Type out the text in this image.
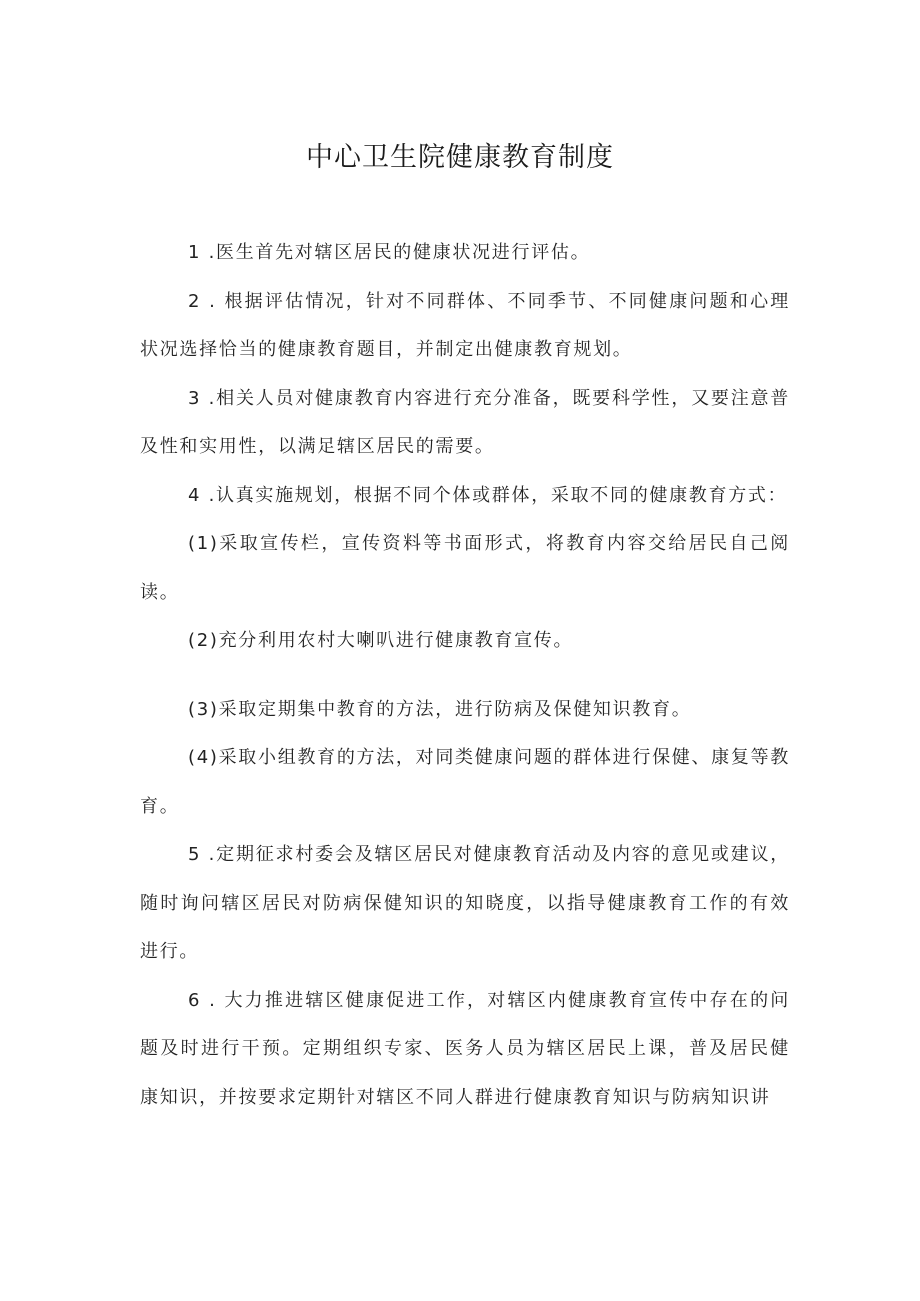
中心卫生院健康教育制度

1 .医生首先对辖区居民的健康状况进行评估。

2 . 根据评估情况，针对不同群体、不同季节、不同健康问题和心理状况选择恰当的健康教育题目，并制定出健康教育规划。

3 .相关人员对健康教育内容进行充分准备，既要科学性，又要注意普及性和实用性，以满足辖区居民的需要。

4 .认真实施规划，根据不同个体或群体，采取不同的健康教育方式：

(1)采取宣传栏，宣传资料等书面形式，将教育内容交给居民自己阅读。

(2)充分利用农村大喇叭进行健康教育宣传。

(3)采取定期集中教育的方法，进行防病及保健知识教育。

(4)采取小组教育的方法，对同类健康问题的群体进行保健、康复等教育。

5 .定期征求村委会及辖区居民对健康教育活动及内容的意见或建议，随时询问辖区居民对防病保健知识的知晓度，以指导健康教育工作的有效进行。

6 . 大力推进辖区健康促进工作，对辖区内健康教育宣传中存在的问题及时进行干预。定期组织专家、医务人员为辖区居民上课，普及居民健康知识，并按要求定期针对辖区不同人群进行健康教育知识与防病知识讲
